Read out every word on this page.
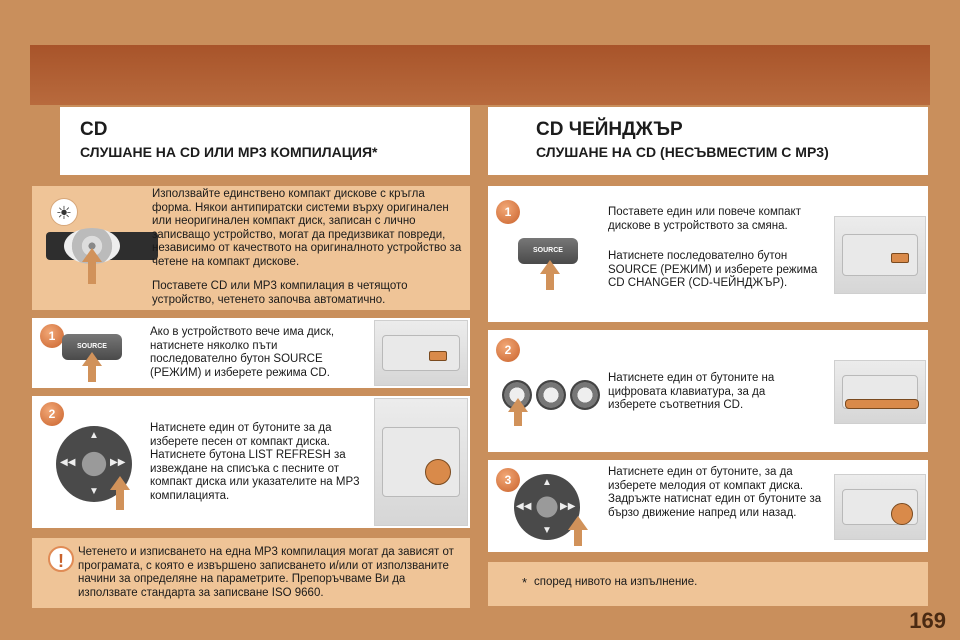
CD
СЛУШАНЕ НА CD ИЛИ MP3 КОМПИЛАЦИЯ*
☀

Използвайте единствено компакт дискове с кръгла форма. Някои антипиратски системи върху оригинален или неоригинален компакт диск, записан с лично записващо устройство, могат да предизвикат повреди, независимо от качеството на оригиналното устройство за четене на компакт дискове.

Поставете CD или MP3 компилация в четящото устройство, четенето започва автоматично.

1
SOURCE

Ако в устройството вече има диск, натиснете няколко пъти последователно бутон SOURCE (РЕЖИМ) и изберете режима CD.

2
▲
▼
◀◀	▶▶

Натиснете един от бутоните за да изберете песен от компакт диска. Натиснете бутона LIST REFRESH за извеждане на списъка с песните от компакт диска или указателите на MP3 компилацията.

!	Четенето и изписването на една MP3 компилация могат да зависят от програмата, с която е извършено записването и/или от използваните начини за определяне на параметрите. Препоръчваме Ви да използвате стандарта за записване ISO 9660.

CD ЧЕЙНДЖЪР
СЛУШАНЕ НА CD (НЕСЪВМЕСТИМ С MP3)
1
SOURCE

Поставете един или повече компакт дискове в устройството за смяна.

Натиснете последователно бутон SOURCE (РЕЖИМ) и изберете режима CD CHANGER (CD-ЧЕЙНДЖЪР).

2

Натиснете един от бутоните на цифровата клавиатура, за да изберете съответния CD.

3	▲
▼
◀◀	▶▶

Натиснете един от бутоните, за да изберете мелодия от компакт диска. Задръжте натиснат един от бутоните за бързо движение напред или назад.

* според нивото на изпълнение.
169
